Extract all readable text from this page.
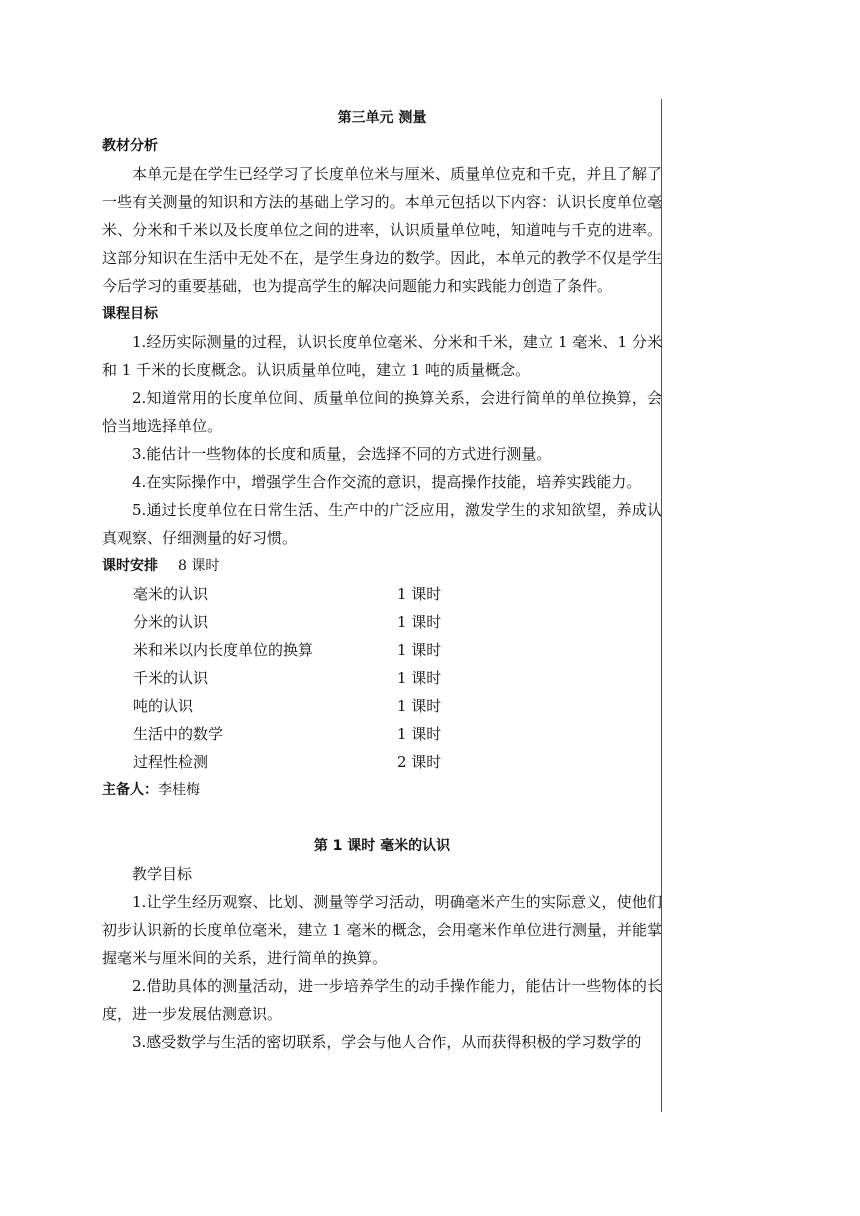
第三单元 测量
教材分析

本单元是在学生已经学习了长度单位米与厘米、质量单位克和千克，并且了解了一些有关测量的知识和方法的基础上学习的。本单元包括以下内容：认识长度单位毫米、分米和千米以及长度单位之间的进率，认识质量单位吨，知道吨与千克的进率。这部分知识在生活中无处不在，是学生身边的数学。因此，本单元的教学不仅是学生今后学习的重要基础，也为提高学生的解决问题能力和实践能力创造了条件。

课程目标

1.经历实际测量的过程，认识长度单位毫米、分米和千米，建立 1 毫米、1 分米和 1 千米的长度概念。认识质量单位吨，建立 1 吨的质量概念。

2.知道常用的长度单位间、质量单位间的换算关系，会进行简单的单位换算，会恰当地选择单位。

3.能估计一些物体的长度和质量，会选择不同的方式进行测量。

4.在实际操作中，增强学生合作交流的意识，提高操作技能，培养实践能力。

5.通过长度单位在日常生活、生产中的广泛应用，激发学生的求知欲望，养成认真观察、仔细测量的好习惯。

课时安排 8 课时
毫米的认识	1 课时
分米的认识	1 课时
米和米以内长度单位的换算	1 课时
千米的认识	1 课时
吨的认识	1 课时
生活中的数学	1 课时
过程性检测	2 课时
主备人：李桂梅
第 1 课时 毫米的认识
教学目标

1.让学生经历观察、比划、测量等学习活动，明确毫米产生的实际意义，使他们初步认识新的长度单位毫米，建立 1 毫米的概念，会用毫米作单位进行测量，并能掌握毫米与厘米间的关系，进行简单的换算。

2.借助具体的测量活动，进一步培养学生的动手操作能力，能估计一些物体的长度，进一步发展估测意识。

3.感受数学与生活的密切联系，学会与他人合作，从而获得积极的学习数学的
